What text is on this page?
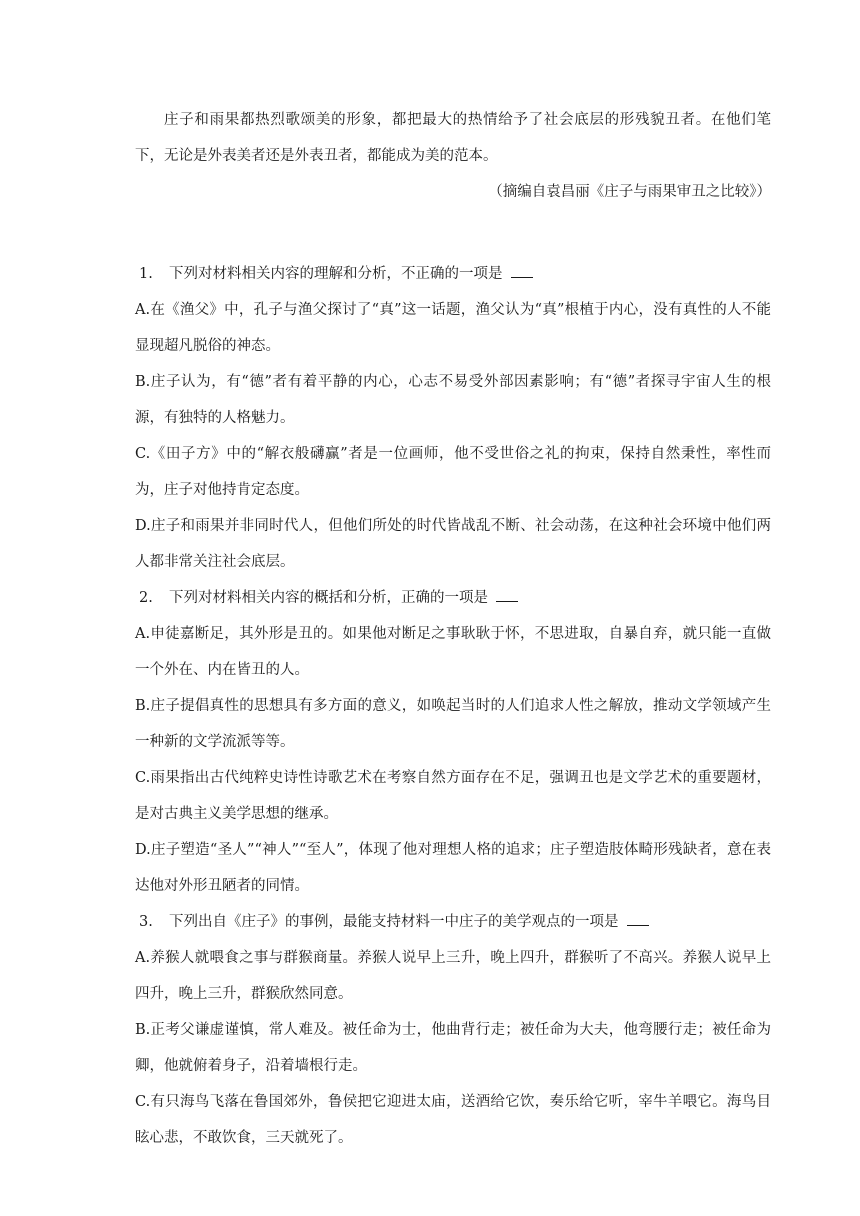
庄子和雨果都热烈歌颂美的形象，都把最大的热情给予了社会底层的形残貌丑者。在他们笔下，无论是外表美者还是外表丑者，都能成为美的范本。

（摘编自袁昌丽《庄子与雨果审丑之比较》）

1. 下列对材料相关内容的理解和分析，不正确的一项是

A.在《渔父》中，孔子与渔父探讨了“真”这一话题，渔父认为“真”根植于内心，没有真性的人不能显现超凡脱俗的神态。

B.庄子认为，有“德”者有着平静的内心，心志不易受外部因素影响；有“德”者探寻宇宙人生的根源，有独特的人格魅力。

C.《田子方》中的“解衣般礴赢”者是一位画师，他不受世俗之礼的拘束，保持自然秉性，率性而为，庄子对他持肯定态度。

D.庄子和雨果并非同时代人，但他们所处的时代皆战乱不断、社会动荡，在这种社会环境中他们两人都非常关注社会底层。

2. 下列对材料相关内容的概括和分析，正确的一项是

A.申徒嘉断足，其外形是丑的。如果他对断足之事耿耿于怀，不思进取，自暴自弃，就只能一直做一个外在、内在皆丑的人。

B.庄子提倡真性的思想具有多方面的意义，如唤起当时的人们追求人性之解放，推动文学领域产生一种新的文学流派等等。

C.雨果指出古代纯粹史诗性诗歌艺术在考察自然方面存在不足，强调丑也是文学艺术的重要题材，是对古典主义美学思想的继承。

D.庄子塑造“圣人”“神人”“至人”，体现了他对理想人格的追求；庄子塑造肢体畸形残缺者，意在表达他对外形丑陋者的同情。

3. 下列出自《庄子》的事例，最能支持材料一中庄子的美学观点的一项是

A.养猴人就喂食之事与群猴商量。养猴人说早上三升，晚上四升，群猴听了不高兴。养猴人说早上四升，晚上三升，群猴欣然同意。

B.正考父谦虚谨慎，常人难及。被任命为士，他曲背行走；被任命为大夫，他弯腰行走；被任命为卿，他就俯着身子，沿着墙根行走。

C.有只海鸟飞落在鲁国郊外，鲁侯把它迎进太庙，送酒给它饮，奏乐给它听，宰牛羊喂它。海鸟目眩心悲，不敢饮食，三天就死了。
